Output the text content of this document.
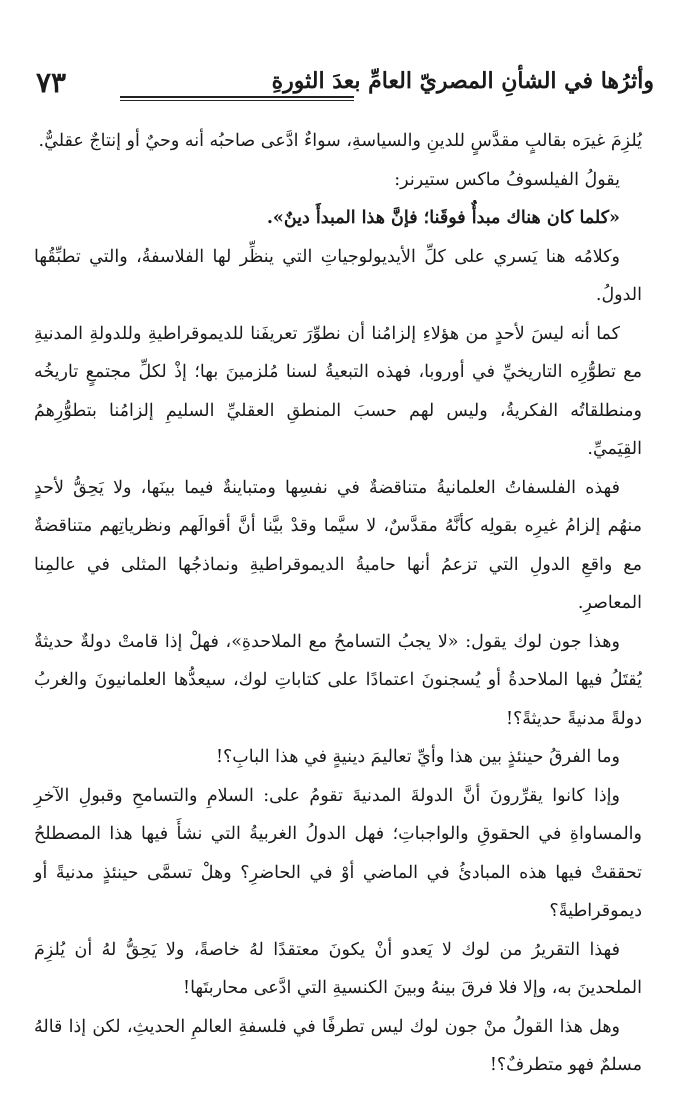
وأثرُها في الشأنِ المصريّ العامِّ بعدَ الثورةِ
٧٣

يُلزِمَ غيرَه بقالبٍ مقدَّسٍ للدينِ والسياسةِ، سواءٌ ادَّعى صاحبُه أنه وحيٌ أو إنتاجٌ عقليٌّ.

يقولُ الفيلسوفُ ماكس ستيرنر:

«كلما كان هناك مبدأٌ فوقَنا؛ فإنَّ هذا المبدأَ دينٌ».

وكلامُه هنا يَسري على كلِّ الأيديولوجياتِ التي ينظِّر لها الفلاسفةُ، والتي تطبِّقُها الدولُ.

كما أنه ليسَ لأحدٍ من هؤلاءِ إلزامُنا أن نطوِّرَ تعريفَنا للديموقراطيةِ وللدولةِ المدنيةِ مع تطوُّرِه التاريخيِّ في أوروبا، فهذه التبعيةُ لسنا مُلزمينَ بها؛ إذْ لكلِّ مجتمعٍ تاريخُه ومنطلقاتُه الفكريةُ، وليس لهم حسبَ المنطقِ العقليِّ السليمِ إلزامُنا بتطوُّرِهمُ القِيَميِّ.

فهذه الفلسفاتُ العلمانيةُ متناقضةٌ في نفسِها ومتباينةٌ فيما بينَها، ولا يَحِقُّ لأحدٍ منهُم إلزامُ غيرِه بقولِه كأنَّهُ مقدَّسٌ، لا سيَّما وقدْ بيَّنا أنَّ أقوالَهم ونظرياتِهم متناقضةٌ مع واقعِ الدولِ التي تزعمُ أنها حاميةُ الديموقراطيةِ ونماذجُها المثلى في عالمِنا المعاصرِ.

وهذا جون لوك يقول: «لا يجبُ التسامحُ مع الملاحدةِ»، فهلْ إذا قامتْ دولةٌ حديثةٌ يُقتَلُ فيها الملاحدةُ أو يُسجنونَ اعتمادًا على كتاباتِ لوك، سيعدُّها العلمانيونَ والغربُ دولةً مدنيةً حديثةً؟!

وما الفرقُ حينئذٍ بين هذا وأيِّ تعاليمَ دينيةٍ في هذا البابِ؟!

وإذا كانوا يقرِّرونَ أنَّ الدولةَ المدنيةَ تقومُ على: السلامِ والتسامحِ وقبولِ الآخرِ والمساواةِ في الحقوقِ والواجباتِ؛ فهل الدولُ الغربيةُ التي نشأَ فيها هذا المصطلحُ تحققتْ فيها هذه المبادئُ في الماضي أوْ في الحاضرِ؟ وهلْ تسمَّى حينئذٍ مدنيةً أو ديموقراطيةً؟

فهذا التقريرُ من لوك لا يَعدو أنْ يكونَ معتقدًا لهُ خاصةً، ولا يَحِقُّ لهُ أن يُلزِمَ الملحدينَ به، وإلا فلا فرقَ بينهُ وبينَ الكنسيةِ التي ادَّعى محاربتَها!

وهل هذا القولُ منْ جون لوك ليس تطرفًا في فلسفةِ العالمِ الحديثِ، لكن إذا قالهُ مسلمٌ فهو متطرفٌ؟!
